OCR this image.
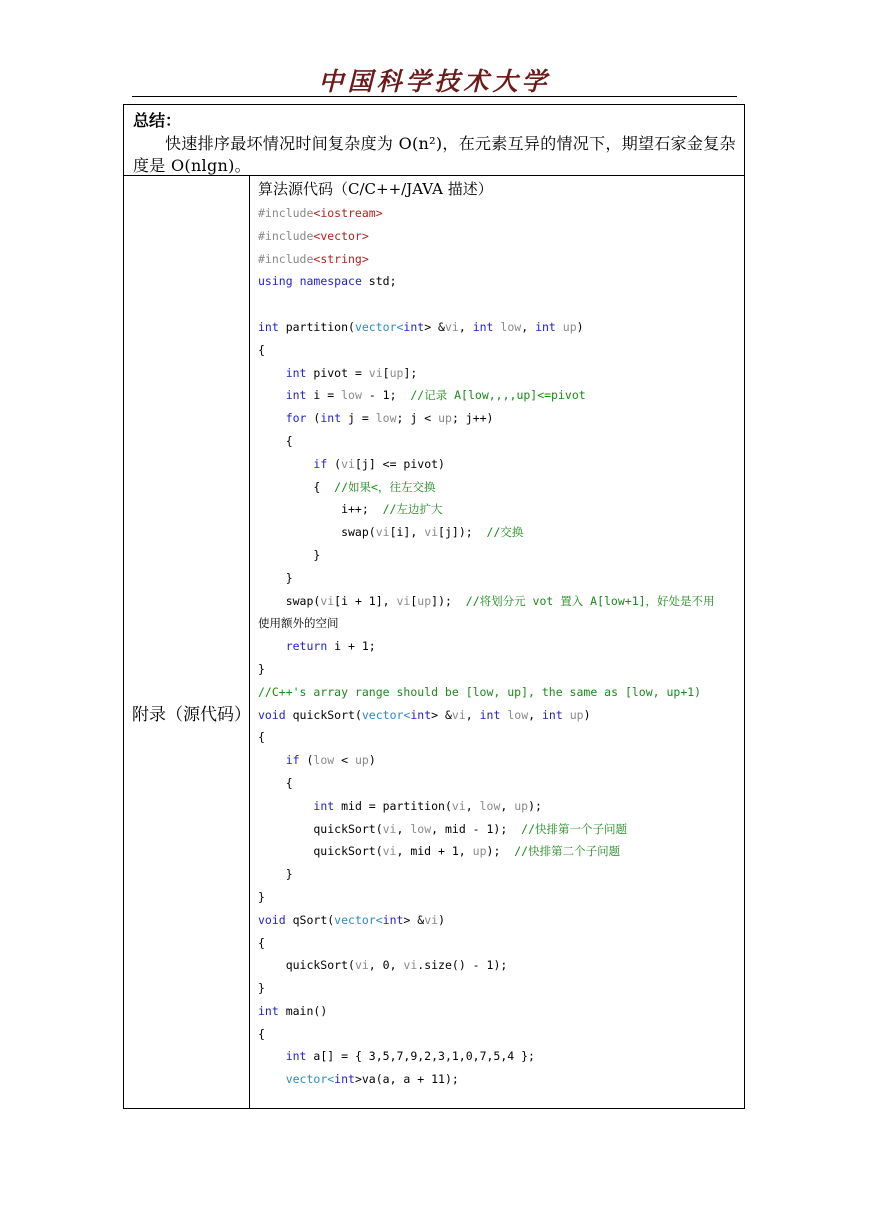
中国科学技术大学
总结：
快速排序最坏情况时间复杂度为 O(n²)，在元素互异的情况下，期望石家金复杂度是 O(nlgn)。
附录（源代码）
算法源代码（C/C++/JAVA 描述）
#include<iostream>
#include<vector>
#include<string>
using namespace std;
int partition(vector<int> &vi, int low, int up)
{
int pivot = vi[up];
int i = low - 1;  //记录 A[low,,,,up]<=pivot
for (int j = low; j < up; j++)
{
if (vi[j] <= pivot)
{  //如果<，往左交换
i++;  //左边扩大
swap(vi[i], vi[j]);  //交换
}
}
swap(vi[i + 1], vi[up]);  //将划分元 vot 置入 A[low+1]，好处是不用
使用额外的空间
return i + 1;
}
//C++'s array range should be [low, up], the same as [low, up+1)
void quickSort(vector<int> &vi, int low, int up)
{
if (low < up)
{
int mid = partition(vi, low, up);
quickSort(vi, low, mid - 1);  //快排第一个子问题
quickSort(vi, mid + 1, up);  //快排第二个子问题
}
}
void qSort(vector<int> &vi)
{
quickSort(vi, 0, vi.size() - 1);
}
int main()
{
int a[] = { 3,5,7,9,2,3,1,0,7,5,4 };
vector<int>va(a, a + 11);
